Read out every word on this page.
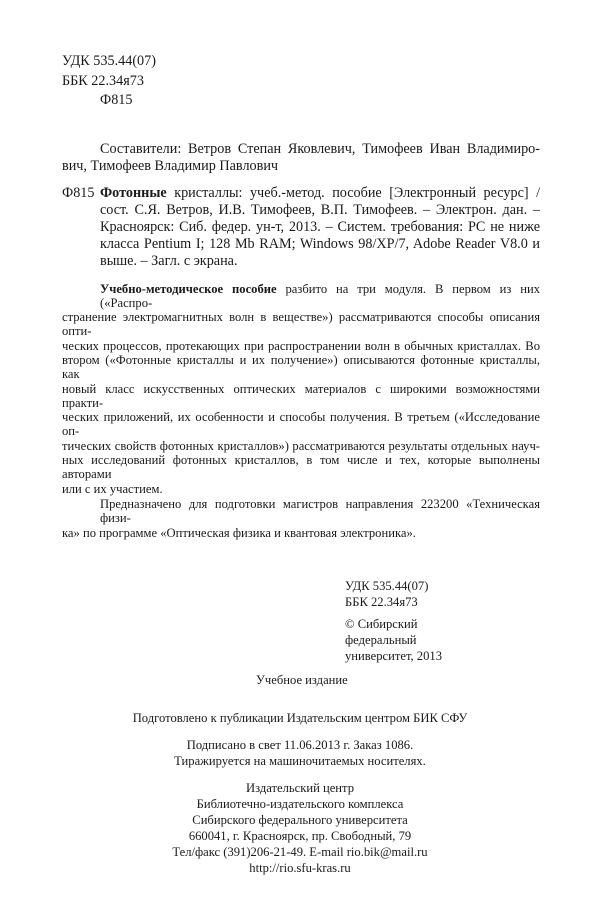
УДК 535.44(07)
ББК 22.34я73
Ф815
Составители: Ветров Степан Яковлевич, Тимофеев Иван Владимиро-
вич, Тимофеев Владимир Павлович
Ф815 Фотонные кристаллы: учеб.-метод. пособие [Электронный ресурс] /
сост. С.Я. Ветров, И.В. Тимофеев, В.П. Тимофеев. – Электрон. дан. –
Красноярск: Сиб. федер. ун-т, 2013. – Систем. требования: PC не ниже
класса Pentium I; 128 Mb RAM; Windows 98/XP/7, Adobe Reader V8.0 и
выше. – Загл. с экрана.
Учебно-методическое пособие разбито на три модуля. В первом из них («Распро-
странение электромагнитных волн в веществе») рассматриваются способы описания опти-
ческих процессов, протекающих при распространении волн в обычных кристаллах. Во
втором («Фотонные кристаллы и их получение») описываются фотонные кристаллы, как
новый класс искусственных оптических материалов с широкими возможностями практи-
ческих приложений, их особенности и способы получения. В третьем («Исследование оп-
тических свойств фотонных кристаллов») рассматриваются результаты отдельных науч-
ных исследований фотонных кристаллов, в том числе и тех, которые выполнены авторами
или с их участием.
Предназначено для подготовки магистров направления 223200 «Техническая физи-
ка» по программе «Оптическая физика и квантовая электроника».
УДК 535.44(07)
ББК 22.34я73
© Сибирский
федеральный
университет, 2013
Учебное издание
Подготовлено к публикации Издательским центром БИК СФУ
Подписано в свет 11.06.2013 г. Заказ 1086.
Тиражируется на машиночитаемых носителях.
Издательский центр
Библиотечно-издательского комплекса
Сибирского федерального университета
660041, г. Красноярск, пр. Свободный, 79
Тел/факс (391)206-21-49. E-mail rio.bik@mail.ru
http://rio.sfu-kras.ru
